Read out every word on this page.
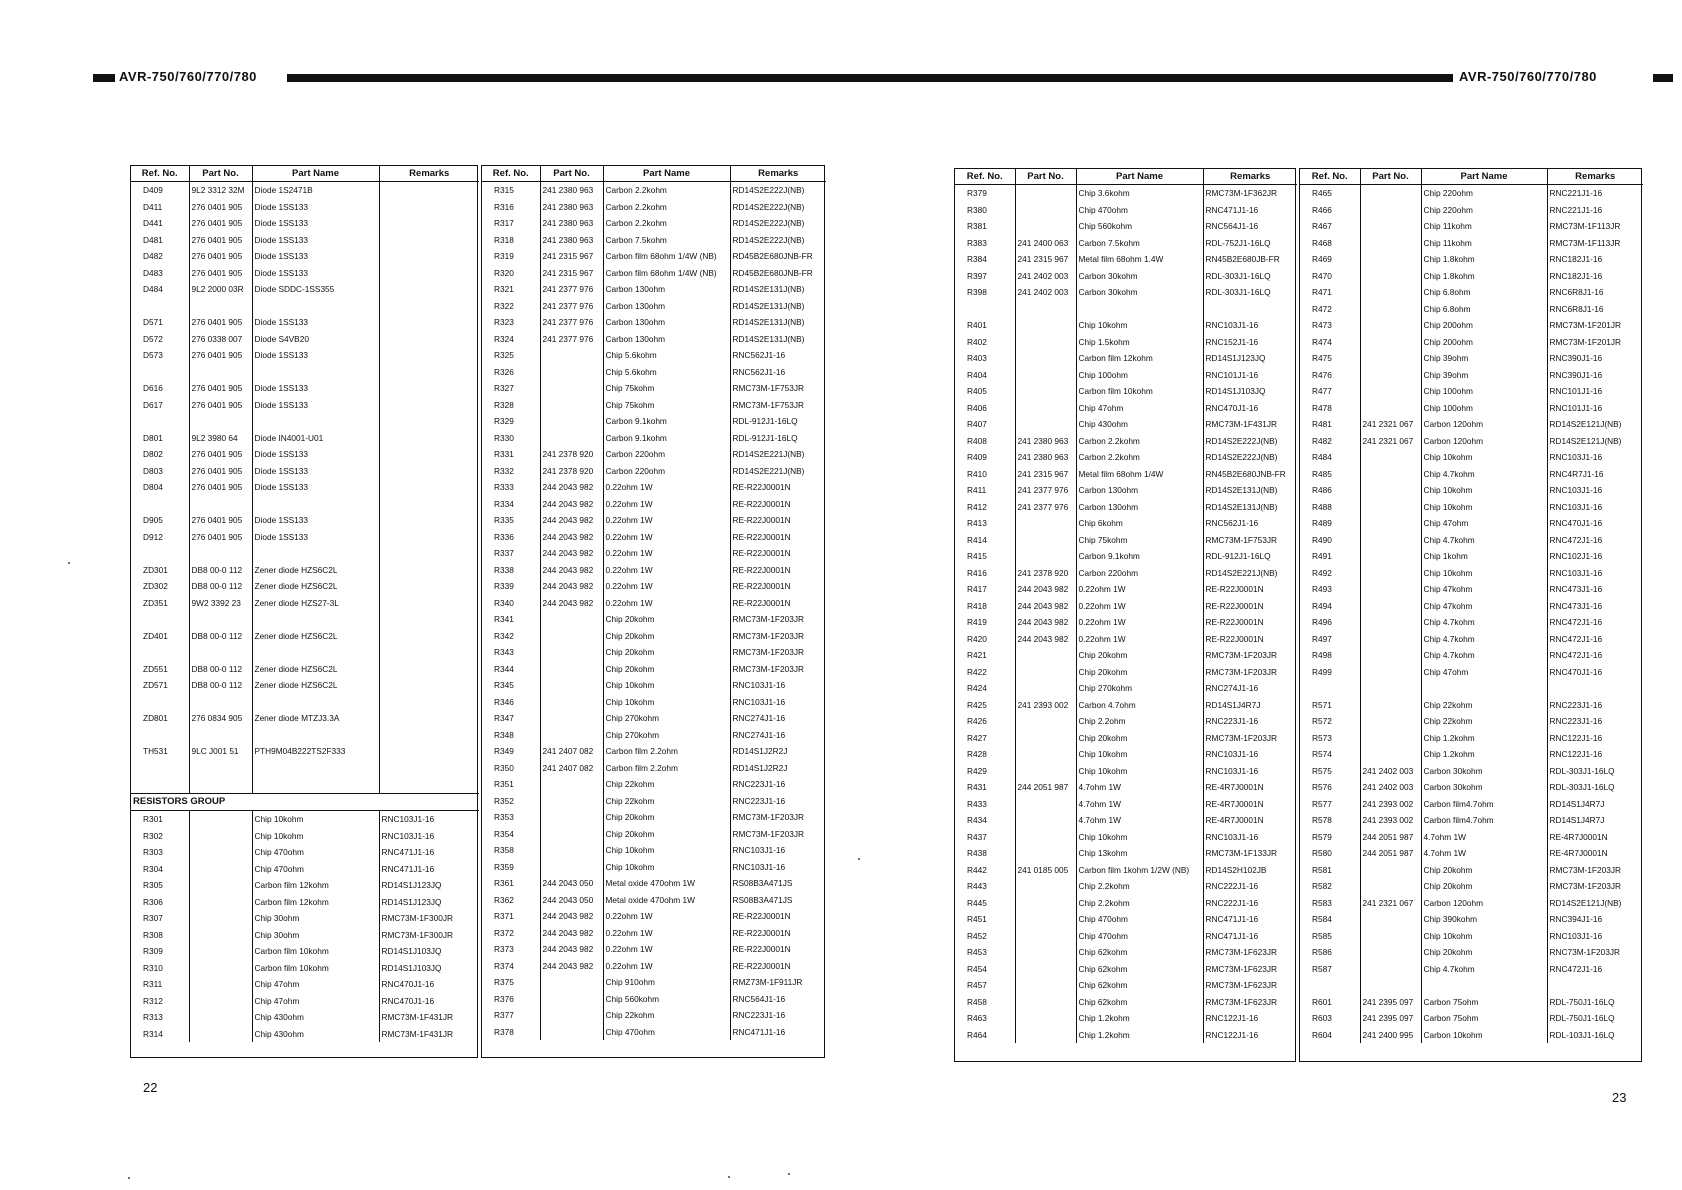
AVR-750/760/770/780	AVR-750/760/770/780
Ref. No.	Part No.	Part Name	Remarks
D409	9L2 3312 32M	Diode 1S2471B	
D411	276 0401 905	Diode 1SS133	
D441	276 0401 905	Diode 1SS133	
D481	276 0401 905	Diode 1SS133	
D482	276 0401 905	Diode 1SS133	
D483	276 0401 905	Diode 1SS133	
D484	9L2 2000 03R	Diode SDDC-1SS355	

D571	276 0401 905	Diode 1SS133	
D572	276 0338 007	Diode S4VB20	
D573	276 0401 905	Diode 1SS133	

D616	276 0401 905	Diode 1SS133	
D617	276 0401 905	Diode 1SS133	

D801	9L2 3980 64	Diode IN4001-U01	
D802	276 0401 905	Diode 1SS133	
D803	276 0401 905	Diode 1SS133	
D804	276 0401 905	Diode 1SS133	

D905	276 0401 905	Diode 1SS133	
D912	276 0401 905	Diode 1SS133	

ZD301	DB8 00-0 112	Zener diode HZS6C2L	
ZD302	DB8 00-0 112	Zener diode HZS6C2L	
ZD351	9W2 3392 23	Zener diode HZS27-3L	

ZD401	DB8 00-0 112	Zener diode HZS6C2L	

ZD551	DB8 00-0 112	Zener diode HZS6C2L	
ZD571	DB8 00-0 112	Zener diode HZS6C2L	

ZD801	276 0834 905	Zener diode MTZJ3.3A	

TH531	9LC J001 51	PTH9M04B222TS2F333	

RESISTORS GROUP			
R301		Chip 10kohm	RNC103J1-16
R302		Chip 10kohm	RNC103J1-16
R303		Chip 470ohm	RNC471J1-16
R304		Chip 470ohm	RNC471J1-16
R305		Carbon film 12kohm	RD14S1J123JQ
R306		Carbon film 12kohm	RD14S1J123JQ
R307		Chip 30ohm	RMC73M-1F300JR
R308		Chip 30ohm	RMC73M-1F300JR
R309		Carbon film 10kohm	RD14S1J103JQ
R310		Carbon film 10kohm	RD14S1J103JQ
R311		Chip 47ohm	RNC470J1-16
R312		Chip 47ohm	RNC470J1-16
R313		Chip 430ohm	RMC73M-1F431JR
R314		Chip 430ohm	RMC73M-1F431JR
Ref. No.	Part No.	Part Name	Remarks
R315	241 2380 963	Carbon 2.2kohm	RD14S2E222J(NB)
R316	241 2380 963	Carbon 2.2kohm	RD14S2E222J(NB)
R317	241 2380 963	Carbon 2.2kohm	RD14S2E222J(NB)
R318	241 2380 963	Carbon 7.5kohm	RD14S2E222J(NB)
R319	241 2315 967	Carbon film 68ohm 1/4W (NB)	RD45B2E680JNB-FR
R320	241 2315 967	Carbon film 68ohm 1/4W (NB)	RD45B2E680JNB-FR
R321	241 2377 976	Carbon 130ohm	RD14S2E131J(NB)
R322	241 2377 976	Carbon 130ohm	RD14S2E131J(NB)
R323	241 2377 976	Carbon 130ohm	RD14S2E131J(NB)
R324	241 2377 976	Carbon 130ohm	RD14S2E131J(NB)
R325		Chip 5.6kohm	RNC562J1-16
R326		Chip 5.6kohm	RNC562J1-16
R327		Chip 75kohm	RMC73M-1F753JR
R328		Chip 75kohm	RMC73M-1F753JR
R329		Carbon 9.1kohm	RDL-912J1-16LQ
R330		Carbon 9.1kohm	RDL-912J1-16LQ
R331	241 2378 920	Carbon 220ohm	RD14S2E221J(NB)
R332	241 2378 920	Carbon 220ohm	RD14S2E221J(NB)
R333	244 2043 982	0.22ohm 1W	RE-R22J0001N
R334	244 2043 982	0.22ohm 1W	RE-R22J0001N
R335	244 2043 982	0.22ohm 1W	RE-R22J0001N
R336	244 2043 982	0.22ohm 1W	RE-R22J0001N
R337	244 2043 982	0.22ohm 1W	RE-R22J0001N
R338	244 2043 982	0.22ohm 1W	RE-R22J0001N
R339	244 2043 982	0.22ohm 1W	RE-R22J0001N
R340	244 2043 982	0.22ohm 1W	RE-R22J0001N
R341		Chip 20kohm	RMC73M-1F203JR
R342		Chip 20kohm	RMC73M-1F203JR
R343		Chip 20kohm	RMC73M-1F203JR
R344		Chip 20kohm	RMC73M-1F203JR
R345		Chip 10kohm	RNC103J1-16
R346		Chip 10kohm	RNC103J1-16
R347		Chip 270kohm	RNC274J1-16
R348		Chip 270kohm	RNC274J1-16
R349	241 2407 082	Carbon film 2.2ohm	RD14S1J2R2J
R350	241 2407 082	Carbon film 2.2ohm	RD14S1J2R2J
R351		Chip 22kohm	RNC223J1-16
R352		Chip 22kohm	RNC223J1-16
R353		Chip 20kohm	RMC73M-1F203JR
R354		Chip 20kohm	RMC73M-1F203JR
R358		Chip 10kohm	RNC103J1-16
R359		Chip 10kohm	RNC103J1-16
R361	244 2043 050	Metal oxide 470ohm 1W	RS08B3A471JS
R362	244 2043 050	Metal oxide 470ohm 1W	RS08B3A471JS
R371	244 2043 982	0.22ohm 1W	RE-R22J0001N
R372	244 2043 982	0.22ohm 1W	RE-R22J0001N
R373	244 2043 982	0.22ohm 1W	RE-R22J0001N
R374	244 2043 982	0.22ohm 1W	RE-R22J0001N
R375		Chip 910ohm	RMZ73M-1F911JR
R376		Chip 560kohm	RNC564J1-16
R377		Chip 22kohm	RNC223J1-16
R378		Chip 470ohm	RNC471J1-16
Ref. No.	Part No.	Part Name	Remarks
R379		Chip 3.6kohm	RMC73M-1F362JR
R380		Chip 470ohm	RNC471J1-16
R381		Chip 560kohm	RNC564J1-16
R383	241 2400 063	Carbon 7.5kohm	RDL-752J1-16LQ
R384	241 2315 967	Metal film 68ohm 1.4W	RN45B2E680JB-FR
R397	241 2402 003	Carbon 30kohm	RDL-303J1-16LQ
R398	241 2402 003	Carbon 30kohm	RDL-303J1-16LQ

R401		Chip 10kohm	RNC103J1-16
R402		Chip 1.5kohm	RNC152J1-16
R403		Carbon film 12kohm	RD14S1J123JQ
R404		Chip 100ohm	RNC101J1-16
R405		Carbon film 10kohm	RD14S1J103JQ
R406		Chip 47ohm	RNC470J1-16
R407		Chip 430ohm	RMC73M-1F431JR
R408	241 2380 963	Carbon 2.2kohm	RD14S2E222J(NB)
R409	241 2380 963	Carbon 2.2kohm	RD14S2E222J(NB)
R410	241 2315 967	Metal film 68ohm 1/4W	RN45B2E680JNB-FR
R411	241 2377 976	Carbon 130ohm	RD14S2E131J(NB)
R412	241 2377 976	Carbon 130ohm	RD14S2E131J(NB)
R413		Chip 6kohm	RNC562J1-16
R414		Chip 75kohm	RMC73M-1F753JR
R415		Carbon 9.1kohm	RDL-912J1-16LQ
R416	241 2378 920	Carbon 220ohm	RD14S2E221J(NB)
R417	244 2043 982	0.22ohm 1W	RE-R22J0001N
R418	244 2043 982	0.22ohm 1W	RE-R22J0001N
R419	244 2043 982	0.22ohm 1W	RE-R22J0001N
R420	244 2043 982	0.22ohm 1W	RE-R22J0001N
R421		Chip 20kohm	RMC73M-1F203JR
R422		Chip 20kohm	RMC73M-1F203JR
R424		Chip 270kohm	RNC274J1-16
R425	241 2393 002	Carbon 4.7ohm	RD14S1J4R7J
R426		Chip 2.2ohm	RNC223J1-16
R427		Chip 20kohm	RMC73M-1F203JR
R428		Chip 10kohm	RNC103J1-16
R429		Chip 10kohm	RNC103J1-16
R431	244 2051 987	4.7ohm 1W	RE-4R7J0001N
R433		4.7ohm 1W	RE-4R7J0001N
R434		4.7ohm 1W	RE-4R7J0001N
R437		Chip 10kohm	RNC103J1-16
R438		Chip 13kohm	RMC73M-1F133JR
R442	241 0185 005	Carbon film 1kohm 1/2W (NB)	RD14S2H102JB
R443		Chip 2.2kohm	RNC222J1-16
R445		Chip 2.2kohm	RNC222J1-16
R451		Chip 470ohm	RNC471J1-16
R452		Chip 470ohm	RNC471J1-16
R453		Chip 62kohm	RMC73M-1F623JR
R454		Chip 62kohm	RMC73M-1F623JR
R457		Chip 62kohm	RMC73M-1F623JR
R458		Chip 62kohm	RMC73M-1F623JR
R463		Chip 1.2kohm	RNC122J1-16
R464		Chip 1.2kohm	RNC122J1-16
Ref. No.	Part No.	Part Name	Remarks
R465		Chip 220ohm	RNC221J1-16
R466		Chip 220ohm	RNC221J1-16
R467		Chip 11kohm	RMC73M-1F113JR
R468		Chip 11kohm	RMC73M-1F113JR
R469		Chip 1.8kohm	RNC182J1-16
R470		Chip 1.8kohm	RNC182J1-16
R471		Chip 6.8ohm	RNC6R8J1-16
R472		Chip 6.8ohm	RNC6R8J1-16
R473		Chip 200ohm	RMC73M-1F201JR
R474		Chip 200ohm	RMC73M-1F201JR
R475		Chip 39ohm	RNC390J1-16
R476		Chip 39ohm	RNC390J1-16
R477		Chip 100ohm	RNC101J1-16
R478		Chip 100ohm	RNC101J1-16
R481	241 2321 067	Carbon 120ohm	RD14S2E121J(NB)
R482	241 2321 067	Carbon 120ohm	RD14S2E121J(NB)
R484		Chip 10kohm	RNC103J1-16
R485		Chip 4.7kohm	RNC4R7J1-16
R486		Chip 10kohm	RNC103J1-16
R488		Chip 10kohm	RNC103J1-16
R489		Chip 47ohm	RNC470J1-16
R490		Chip 4.7kohm	RNC472J1-16
R491		Chip 1kohm	RNC102J1-16
R492		Chip 10kohm	RNC103J1-16
R493		Chip 47kohm	RNC473J1-16
R494		Chip 47kohm	RNC473J1-16
R496		Chip 4.7kohm	RNC472J1-16
R497		Chip 4.7kohm	RNC472J1-16
R498		Chip 4.7kohm	RNC472J1-16
R499		Chip 47ohm	RNC470J1-16

R571		Chip 22kohm	RNC223J1-16
R572		Chip 22kohm	RNC223J1-16
R573		Chip 1.2kohm	RNC122J1-16
R574		Chip 1.2kohm	RNC122J1-16
R575	241 2402 003	Carbon 30kohm	RDL-303J1-16LQ
R576	241 2402 003	Carbon 30kohm	RDL-303J1-16LQ
R577	241 2393 002	Carbon film4.7ohm	RD14S1J4R7J
R578	241 2393 002	Carbon film4.7ohm	RD14S1J4R7J
R579	244 2051 987	4.7ohm 1W	RE-4R7J0001N
R580	244 2051 987	4.7ohm 1W	RE-4R7J0001N
R581		Chip 20kohm	RMC73M-1F203JR
R582		Chip 20kohm	RMC73M-1F203JR
R583	241 2321 067	Carbon 120ohm	RD14S2E121J(NB)
R584		Chip 390kohm	RNC394J1-16
R585		Chip 10kohm	RNC103J1-16
R586		Chip 20kohm	RNC73M-1F203JR
R587		Chip 4.7kohm	RNC472J1-16

R601	241 2395 097	Carbon 75ohm	RDL-750J1-16LQ
R603	241 2395 097	Carbon 75ohm	RDL-750J1-16LQ
R604	241 2400 995	Carbon 10kohm	RDL-103J1-16LQ
22
23
